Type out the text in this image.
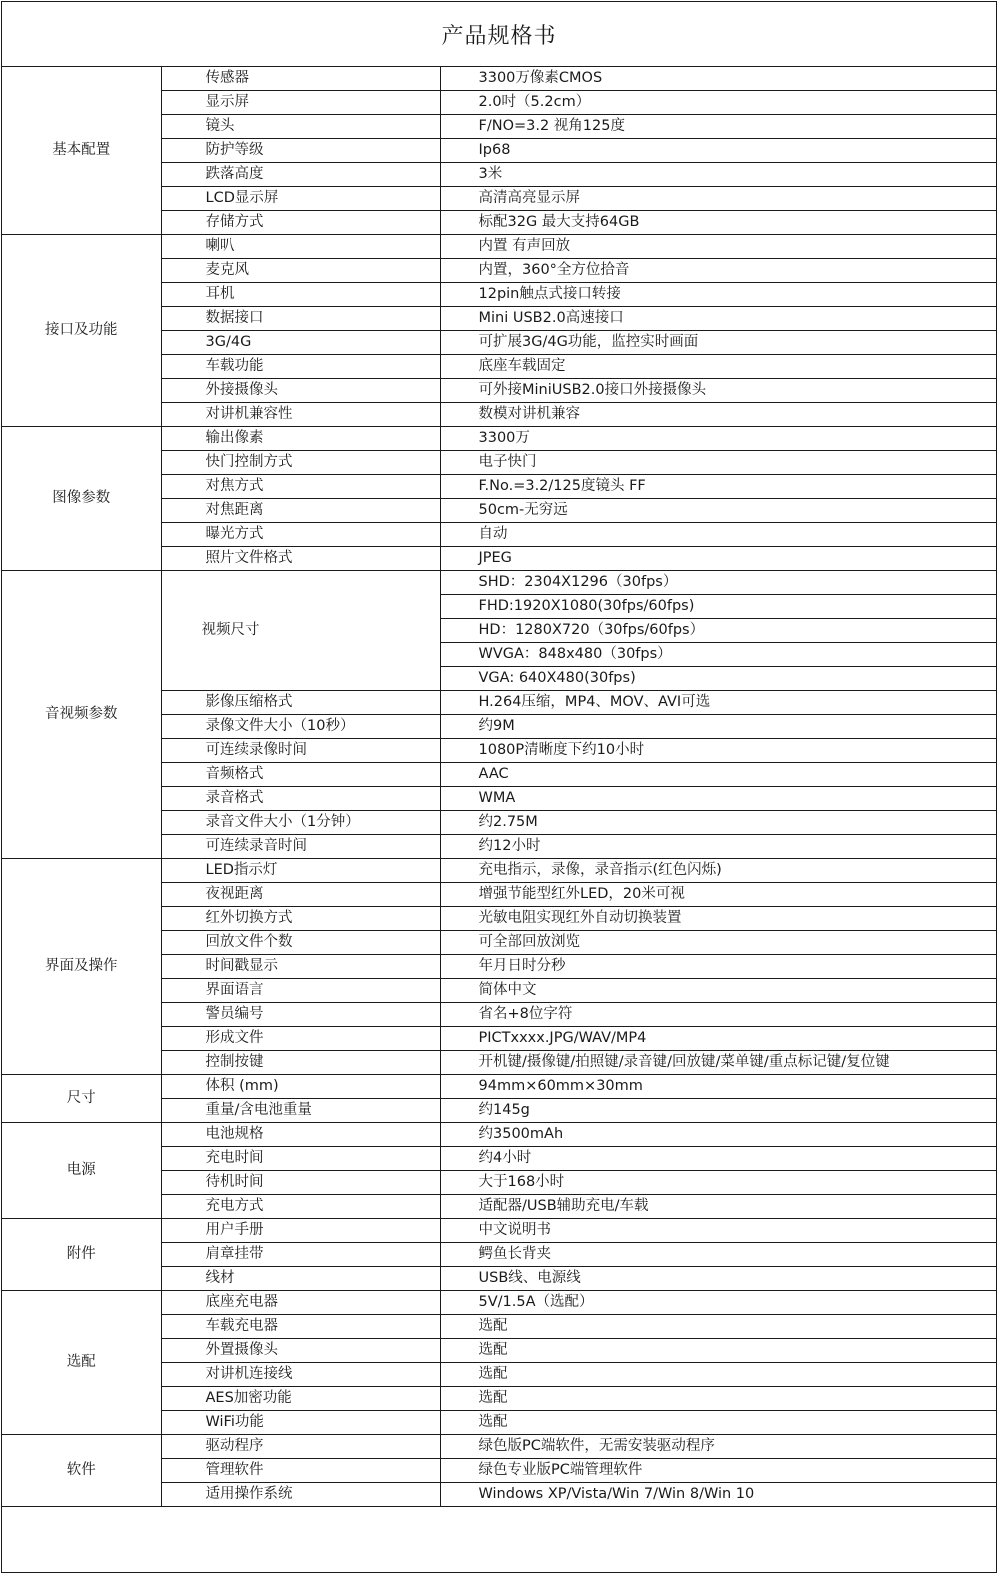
产品规格书
基本配置	传感器	3300万像素CMOS
	显示屏	2.0吋（5.2cm）
	镜头	F/NO=3.2 视角125度
	防护等级	Ip68
	跌落高度	3米
	LCD显示屏	高清高亮显示屏
	存储方式	标配32G 最大支持64GB
接口及功能	喇叭	内置 有声回放
	麦克风	内置，360°全方位拾音
	耳机	12pin触点式接口转接
	数据接口	Mini USB2.0高速接口
	3G/4G	可扩展3G/4G功能，监控实时画面
	车载功能	底座车载固定
	外接摄像头	可外接MiniUSB2.0接口外接摄像头
	对讲机兼容性	数模对讲机兼容
图像参数	输出像素	3300万
	快门控制方式	电子快门
	对焦方式	F.No.=3.2/125度镜头 FF
	对焦距离	50cm-无穷远
	曝光方式	自动
	照片文件格式	JPEG
音视频参数	视频尺寸	SHD：2304X1296（30fps）
		FHD:1920X1080(30fps/60fps)
		HD：1280X720（30fps/60fps）
		WVGA：848x480（30fps）
		VGA: 640X480(30fps)
	影像压缩格式	H.264压缩，MP4、MOV、AVI可选
	录像文件大小（10秒）	约9M
	可连续录像时间	1080P清晰度下约10小时
	音频格式	AAC
	录音格式	WMA
	录音文件大小（1分钟）	约2.75M
	可连续录音时间	约12小时
界面及操作	LED指示灯	充电指示，录像，录音指示(红色闪烁)
	夜视距离	增强节能型红外LED，20米可视
	红外切换方式	光敏电阻实现红外自动切换装置
	回放文件个数	可全部回放浏览
	时间戳显示	年月日时分秒
	界面语言	简体中文
	警员编号	省名+8位字符
	形成文件	PICTxxxx.JPG/WAV/MP4
	控制按键	开机键/摄像键/拍照键/录音键/回放键/菜单键/重点标记键/复位键
尺寸	体积 (mm)	94mm×60mm×30mm
	重量/含电池重量	约145g
电源	电池规格	约3500mAh
	充电时间	约4小时
	待机时间	大于168小时
	充电方式	适配器/USB辅助充电/车载
附件	用户手册	中文说明书
	肩章挂带	鳄鱼长背夹
	线材	USB线、电源线
选配	底座充电器	5V/1.5A（选配）
	车载充电器	选配
	外置摄像头	选配
	对讲机连接线	选配
	AES加密功能	选配
	WiFi功能	选配
软件	驱动程序	绿色版PC端软件，无需安装驱动程序
	管理软件	绿色专业版PC端管理软件
	适用操作系统	Windows XP/Vista/Win 7/Win 8/Win 10
